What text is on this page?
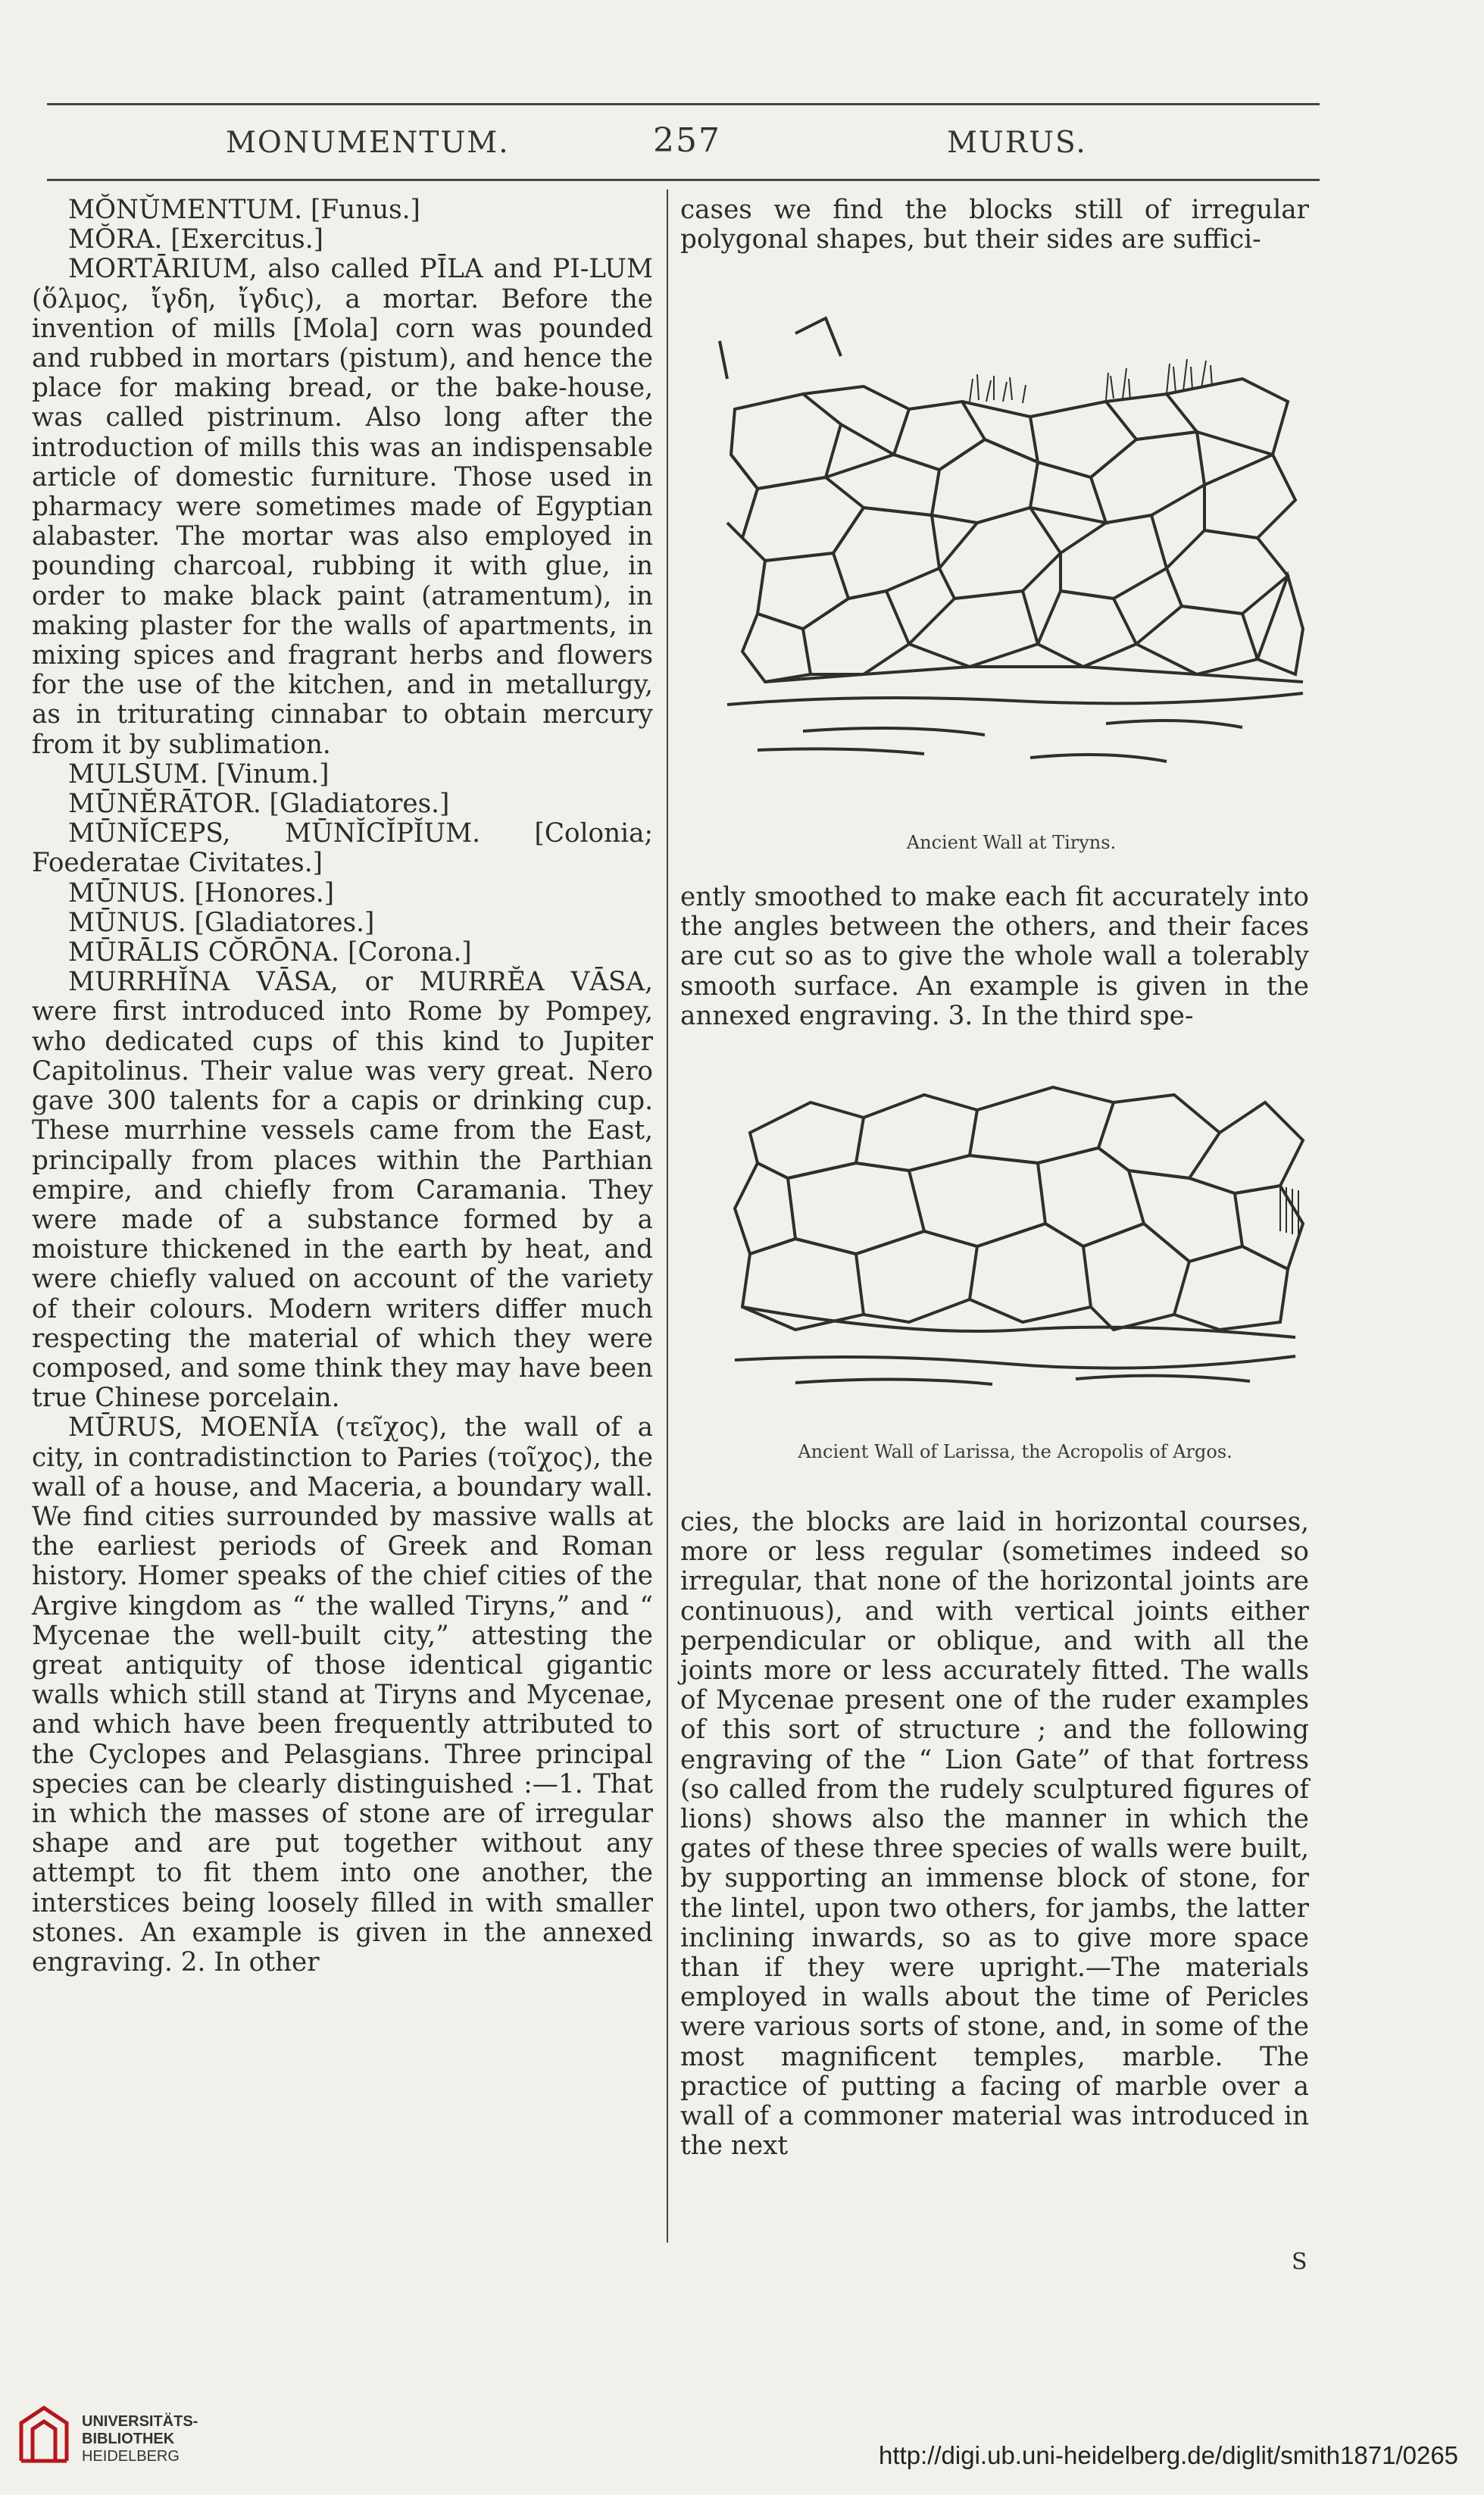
MONUMENTUM.	257	MURUS.

MŎNŬMENTUM. [Funus.]

MŎRA. [Exercitus.]

MORTĀRIUM, also called PĪLA and PI-LUM (ὅλμος, ἴγδη, ἴγδις), a mortar. Before the invention of mills [Mola] corn was pounded and rubbed in mortars (pistum), and hence the place for making bread, or the bake-house, was called pistrinum. Also long after the introduction of mills this was an indispensable article of domestic furniture. Those used in pharmacy were sometimes made of Egyptian alabaster. The mortar was also employed in pounding charcoal, rubbing it with glue, in order to make black paint (atramentum), in making plaster for the walls of apartments, in mixing spices and fragrant herbs and flowers for the use of the kitchen, and in metallurgy, as in triturating cinnabar to obtain mercury from it by sublimation.

MULSUM. [Vinum.]

MŪNĔRĀTOR. [Gladiatores.]

MŪNĬCEPS, MŪNĬCĬPĬUM. [Colonia; Foederatae Civitates.]

MŪNUS. [Honores.]

MŪNUS. [Gladiatores.]

MŪRĀLIS CŎRŌNA. [Corona.]

MURRHĬNA VĀSA, or MURRĔA VĀSA, were first introduced into Rome by Pompey, who dedicated cups of this kind to Jupiter Capitolinus. Their value was very great. Nero gave 300 talents for a capis or drinking cup. These murrhine vessels came from the East, principally from places within the Parthian empire, and chiefly from Caramania. They were made of a substance formed by a moisture thickened in the earth by heat, and were chiefly valued on account of the variety of their colours. Modern writers differ much respecting the material of which they were composed, and some think they may have been true Chinese porcelain.

MŪRUS, MOENĬA (τεῖχος), the wall of a city, in contradistinction to Paries (τοῖχος), the wall of a house, and Maceria, a boundary wall. We find cities surrounded by massive walls at the earliest periods of Greek and Roman history. Homer speaks of the chief cities of the Argive kingdom as “ the walled Tiryns,” and “ Mycenae the well-built city,” attesting the great antiquity of those identical gigantic walls which still stand at Tiryns and Mycenae, and which have been frequently attributed to the Cyclopes and Pelasgians. Three principal species can be clearly distinguished :—1. That in which the masses of stone are of irregular shape and are put together without any attempt to fit them into one another, the interstices being loosely filled in with smaller stones. An example is given in the annexed engraving. 2. In other

cases we find the blocks still of irregular polygonal shapes, but their sides are suffici-

Ancient Wall at Tiryns.

ently smoothed to make each fit accurately into the angles between the others, and their faces are cut so as to give the whole wall a tolerably smooth surface. An example is given in the annexed engraving. 3. In the third spe-

Ancient Wall of Larissa, the Acropolis of Argos.

cies, the blocks are laid in horizontal courses, more or less regular (sometimes indeed so irregular, that none of the horizontal joints are continuous), and with vertical joints either perpendicular or oblique, and with all the joints more or less accurately fitted. The walls of Mycenae present one of the ruder examples of this sort of structure ; and the following engraving of the “ Lion Gate” of that fortress (so called from the rudely sculptured figures of lions) shows also the manner in which the gates of these three species of walls were built, by supporting an immense block of stone, for the lintel, upon two others, for jambs, the latter inclining inwards, so as to give more space than if they were upright.—The materials employed in walls about the time of Pericles were various sorts of stone, and, in some of the most magnificent temples, marble. The practice of putting a facing of marble over a wall of a commoner material was introduced in the next

S
UNIVERSITÄTS-
BIBLIOTHEK
HEIDELBERG	http://digi.ub.uni-heidelberg.de/diglit/smith1871/0265
